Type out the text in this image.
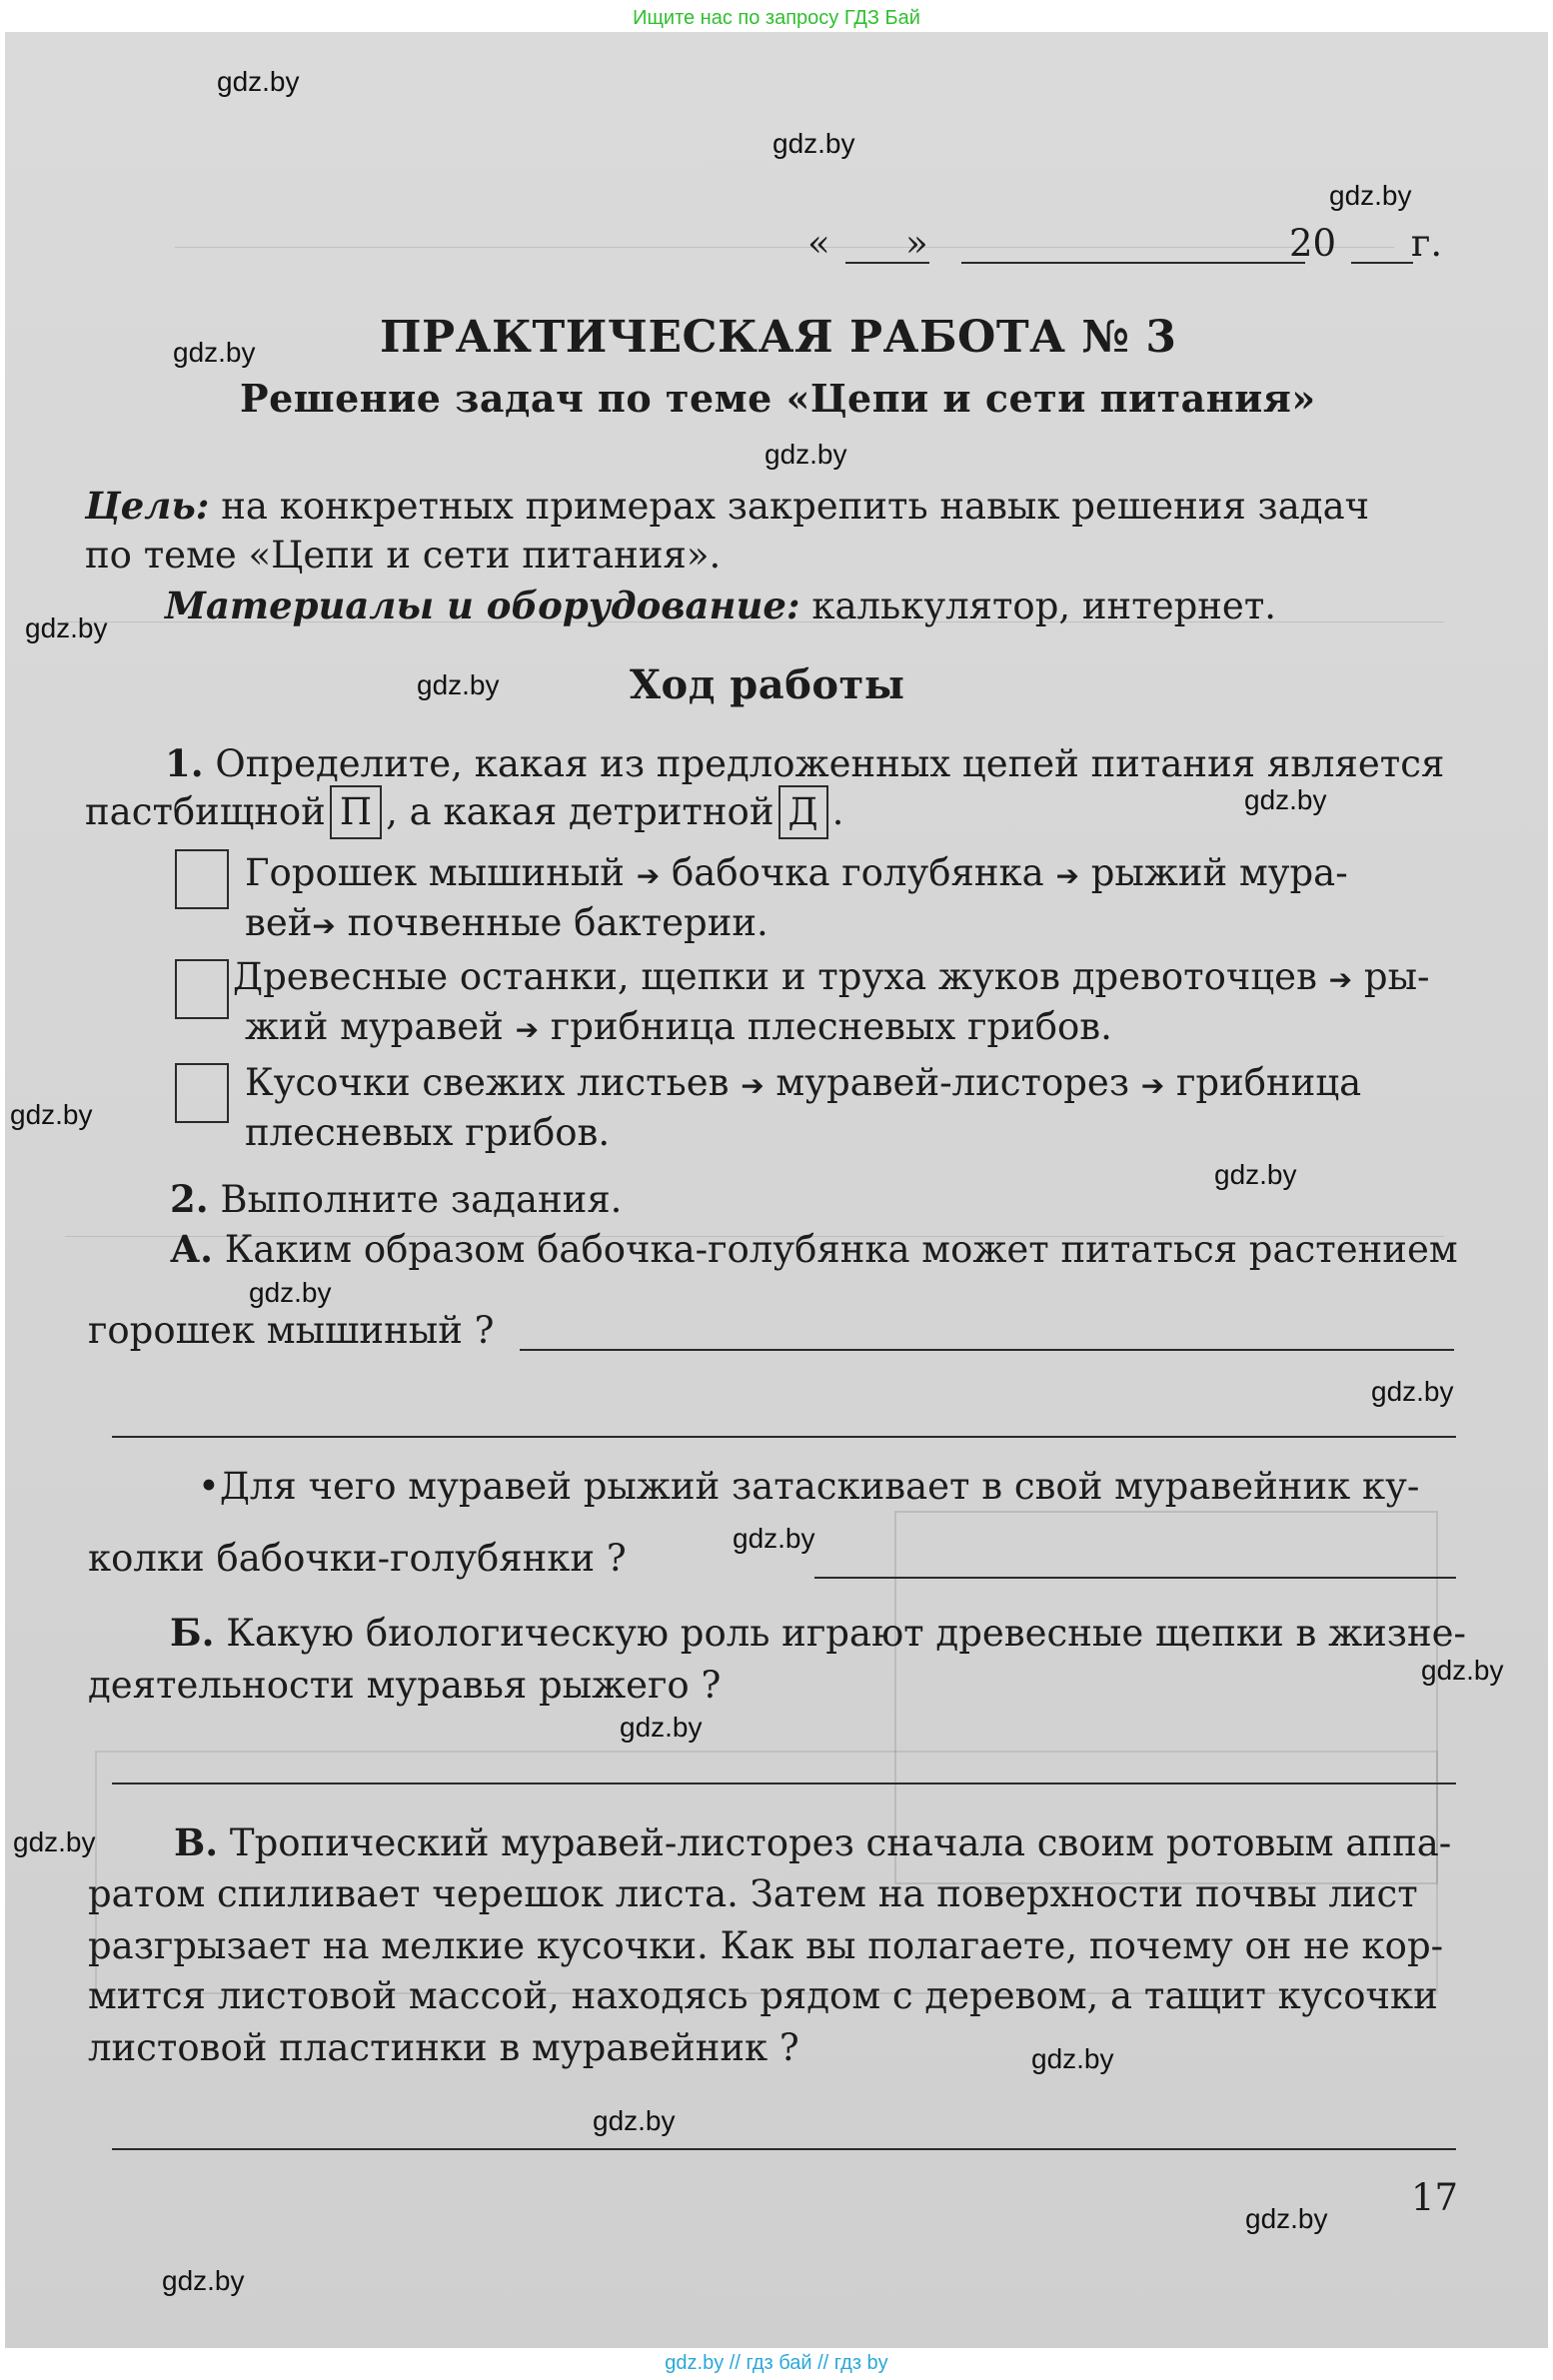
Ищите нас по запросу ГДЗ Бай
gdz.by
gdz.by
gdz.by
gdz.by
gdz.by
gdz.by
gdz.by
gdz.by
gdz.by
gdz.by
gdz.by
gdz.by
gdz.by
gdz.by
gdz.by
gdz.by
gdz.by
gdz.by
gdz.by
gdz.by
« »	20 г.
ПРАКТИЧЕСКАЯ РАБОТА № 3
Решение задач по теме «Цепи и сети питания»
Цель: на конкретных примерах закрепить навык решения задач
по теме «Цепи и сети питания».
Материалы и оборудование: калькулятор, интернет.
Ход работы
1. Определите, какая из предложенных цепей питания является
пастбищной П , а какая детритной Д .
Горошек мышиный ➔ бабочка голубянка ➔ рыжий мура-
вей➔ почвенные бактерии.
Древесные останки, щепки и труха жуков древоточцев ➔ ры-
жий муравей ➔ грибница плесневых грибов.
Кусочки свежих листьев ➔ муравей-листорез ➔ грибница
плесневых грибов.
2. Выполните задания.
А. Каким образом бабочка-голубянка может питаться растением
горошек мышиный ?
•Для чего муравей рыжий затаскивает в свой муравейник ку-
колки бабочки-голубянки ?
Б. Какую биологическую роль играют древесные щепки в жизне-
деятельности муравья рыжего ?
В. Тропический муравей-листорез сначала своим ротовым аппа-
ратом спиливает черешок листа. Затем на поверхности почвы лист
разгрызает на мелкие кусочки. Как вы полагаете, почему он не кор-
мится листовой массой, находясь рядом с деревом, а тащит кусочки
листовой пластинки в муравейник ?
17
gdz.by // гдз бай // гдз by
